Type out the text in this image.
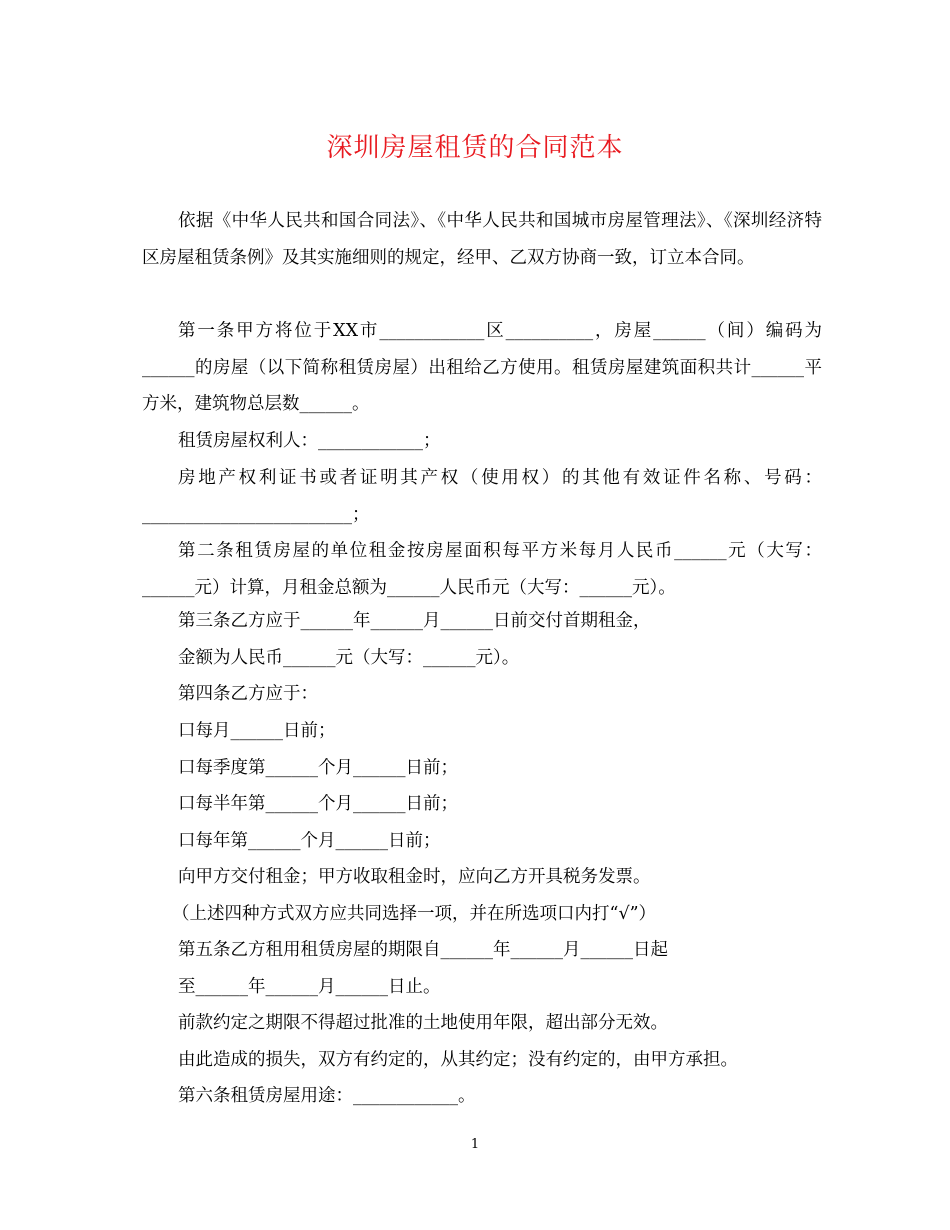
深圳房屋租赁的合同范本
依据《中华人民共和国合同法》、《中华人民共和国城市房屋管理法》、《深圳经济特区房屋租赁条例》及其实施细则的规定，经甲、乙双方协商一致，订立本合同。
第一条甲方将位于XX市____________区__________，房屋______（间）编码为______的房屋（以下简称租赁房屋）出租给乙方使用。租赁房屋建筑面积共计______平方米，建筑物总层数______。
租赁房屋权利人：____________；
房地产权利证书或者证明其产权（使用权）的其他有效证件名称、号码：________________________；
第二条租赁房屋的单位租金按房屋面积每平方米每月人民币______元（大写：______元）计算，月租金总额为______人民币元（大写：______元）。
第三条乙方应于______年______月______日前交付首期租金，
金额为人民币______元（大写：______元）。
第四条乙方应于：
口每月______日前；
口每季度第______个月______日前；
口每半年第______个月______日前；
口每年第______个月______日前；
向甲方交付租金；甲方收取租金时，应向乙方开具税务发票。
（上述四种方式双方应共同选择一项，并在所选项口内打“√”）
第五条乙方租用租赁房屋的期限自______年______月______日起
至______年______月______日止。
前款约定之期限不得超过批准的土地使用年限，超出部分无效。
由此造成的损失，双方有约定的，从其约定；没有约定的，由甲方承担。
第六条租赁房屋用途：____________。
1
